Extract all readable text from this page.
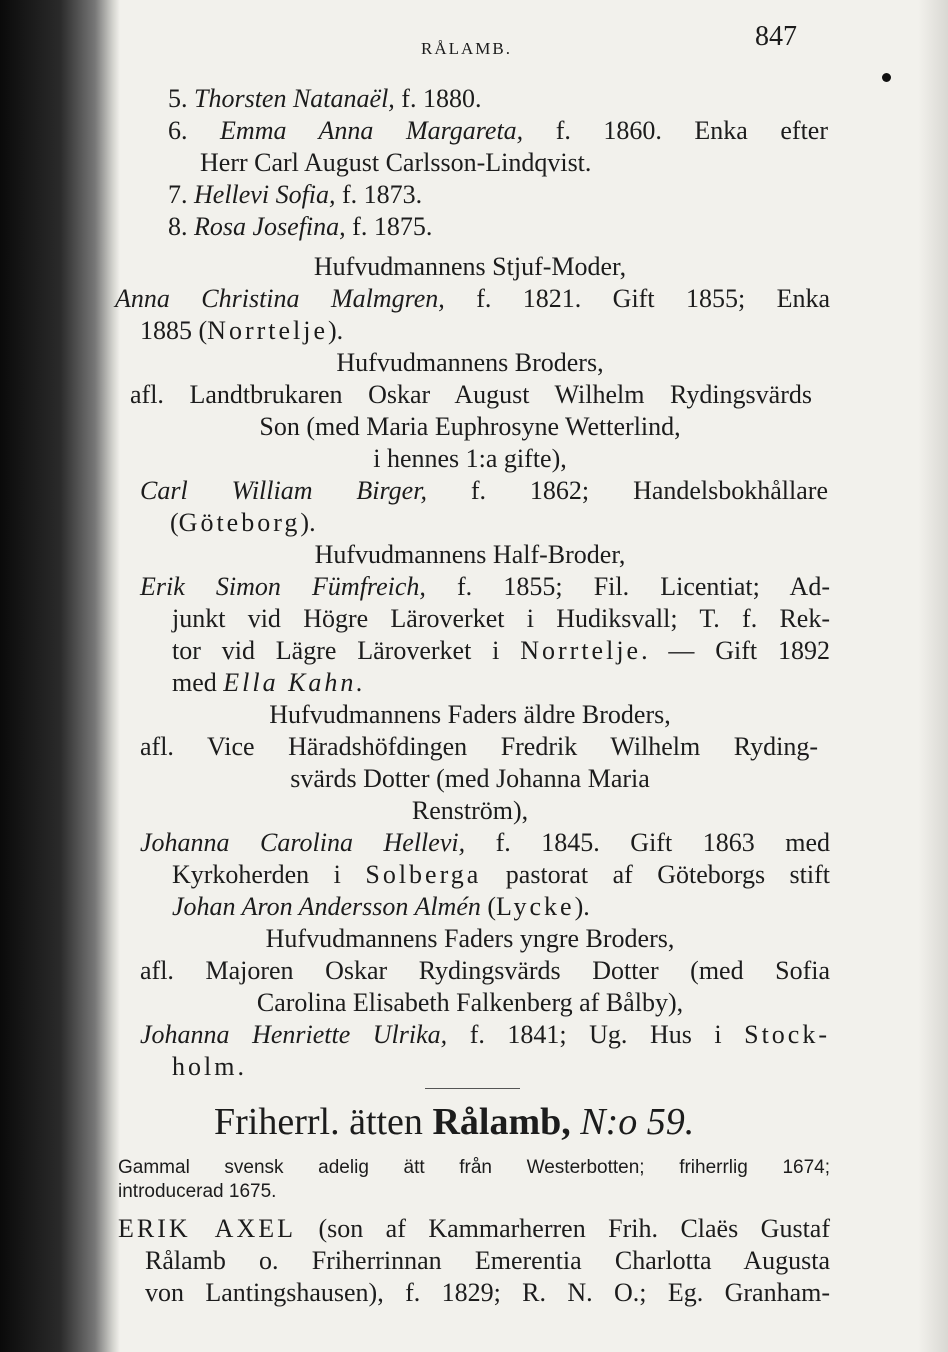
RÅLAMB.	847
5. Thorsten Natanaël, f. 1880.
6. Emma Anna Margareta, f. 1860. Enka efter
Herr Carl August Carlsson-Lindqvist.
7. Hellevi Sofia, f. 1873.
8. Rosa Josefina, f. 1875.
Hufvudmannens Stjuf-Moder,
Anna Christina Malmgren, f. 1821. Gift 1855; Enka
1885 (Norrtelje).
Hufvudmannens Broders,
afl. Landtbrukaren Oskar August Wilhelm Rydingsvärds
Son (med Maria Euphrosyne Wetterlind,
i hennes 1:a gifte),
Carl William Birger, f. 1862; Handelsbokhållare
(Göteborg).
Hufvudmannens Half-Broder,
Erik Simon Fümfreich, f. 1855; Fil. Licentiat; Ad-
junkt vid Högre Läroverket i Hudiksvall; T. f. Rek-
tor vid Lägre Läroverket i Norrtelje. — Gift 1892
med Ella Kahn.
Hufvudmannens Faders äldre Broders,
afl. Vice Häradshöfdingen Fredrik Wilhelm Ryding-
svärds Dotter (med Johanna Maria
Renström),
Johanna Carolina Hellevi, f. 1845. Gift 1863 med
Kyrkoherden i Solberga pastorat af Göteborgs stift
Johan Aron Andersson Almén (Lycke).
Hufvudmannens Faders yngre Broders,
afl. Majoren Oskar Rydingsvärds Dotter (med Sofia
Carolina Elisabeth Falkenberg af Bålby),
Johanna Henriette Ulrika, f. 1841; Ug. Hus i Stock-
holm.
Friherrl. ätten Rålamb, N:o 59.
Gammal svensk adelig ätt från Westerbotten; friherrlig 1674;
introducerad 1675.
ERIK AXEL (son af Kammarherren Frih. Claës Gustaf
Rålamb o. Friherrinnan Emerentia Charlotta Augusta
von Lantingshausen), f. 1829; R. N. O.; Eg. Granham-
